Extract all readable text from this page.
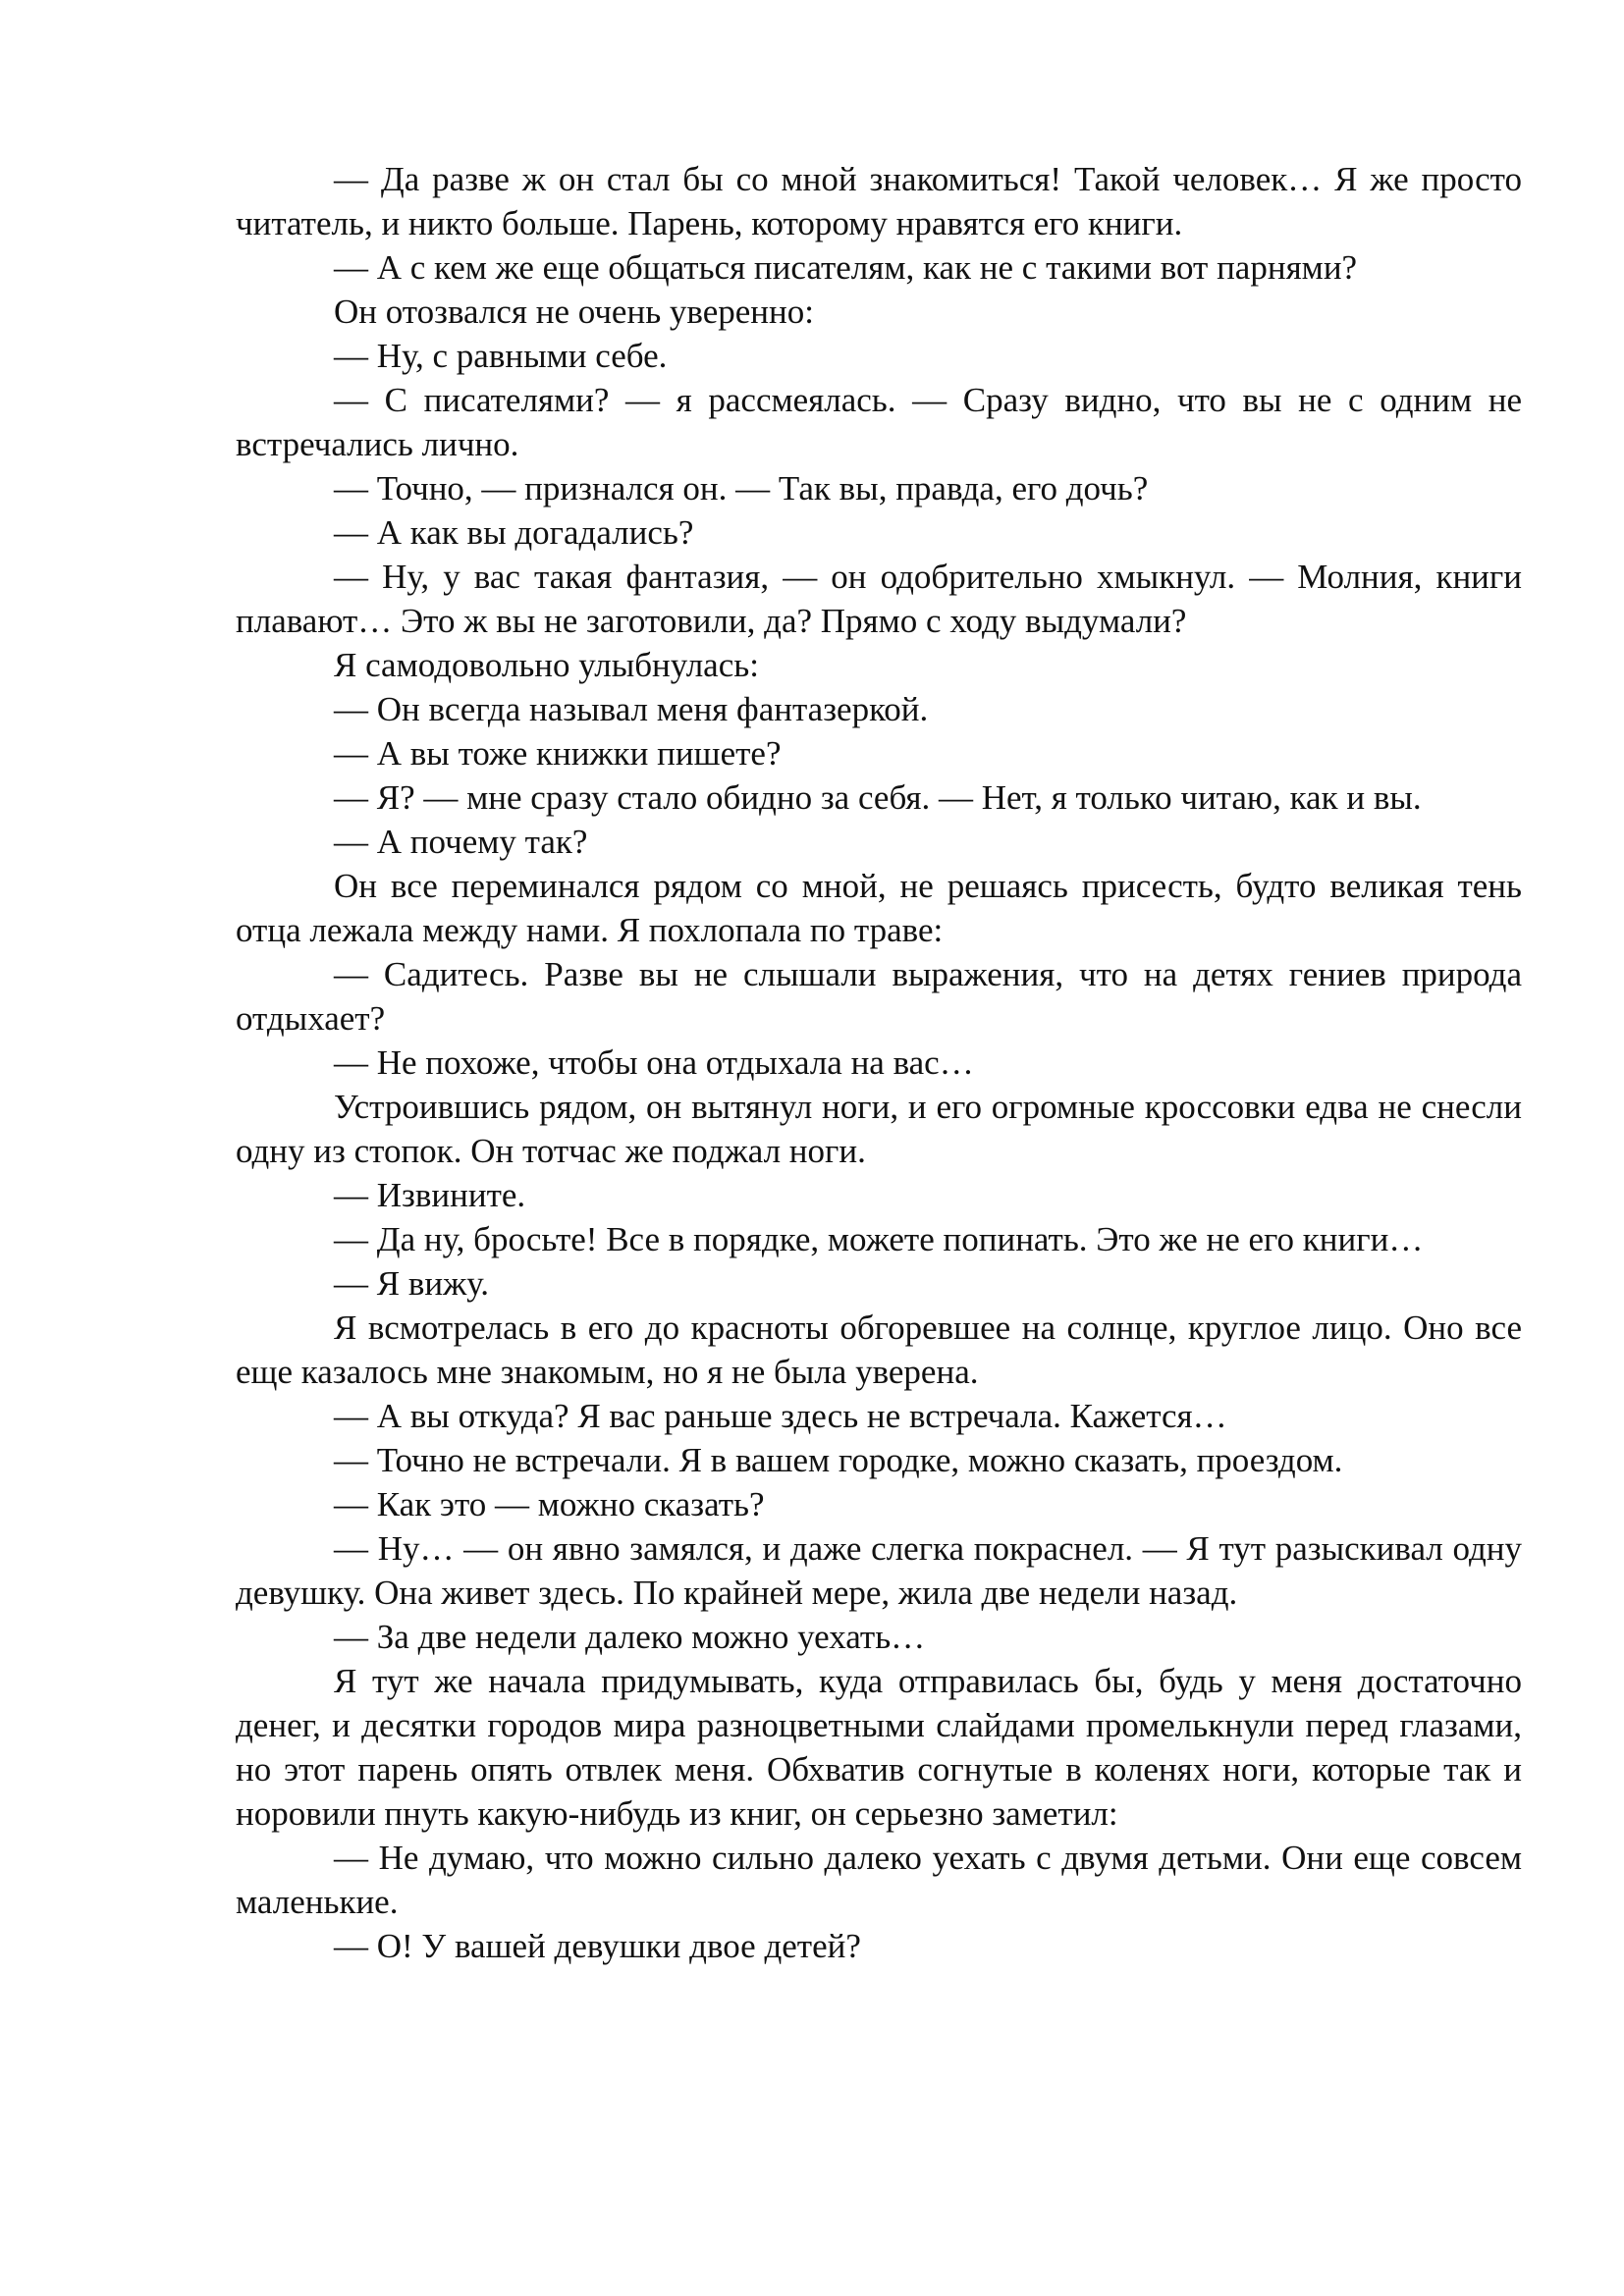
— Да разве ж он стал бы со мной знакомиться! Такой человек… Я же просто читатель, и никто больше. Парень, которому нравятся его книги.

— А с кем же еще общаться писателям, как не с такими вот парнями?

Он отозвался не очень уверенно:

— Ну, с равными себе.

— С писателями? — я рассмеялась. — Сразу видно, что вы не с одним не встречались лично.

— Точно, — признался он. — Так вы, правда, его дочь?

— А как вы догадались?

— Ну, у вас такая фантазия, — он одобрительно хмыкнул. — Молния, книги плавают… Это ж вы не заготовили, да? Прямо с ходу выдумали?

Я самодовольно улыбнулась:

— Он всегда называл меня фантазеркой.

— А вы тоже книжки пишете?

— Я? — мне сразу стало обидно за себя. — Нет, я только читаю, как и вы.

— А почему так?

Он все переминался рядом со мной, не решаясь присесть, будто великая тень отца лежала между нами. Я похлопала по траве:

— Садитесь. Разве вы не слышали выражения, что на детях гениев природа отдыхает?

— Не похоже, чтобы она отдыхала на вас…

Устроившись рядом, он вытянул ноги, и его огромные кроссовки едва не снесли одну из стопок. Он тотчас же поджал ноги.

— Извините.

— Да ну, бросьте! Все в порядке, можете попинать. Это же не его книги…

— Я вижу.

Я всмотрелась в его до красноты обгоревшее на солнце, круглое лицо. Оно все еще казалось мне знакомым, но я не была уверена.

— А вы откуда? Я вас раньше здесь не встречала. Кажется…

— Точно не встречали. Я в вашем городке, можно сказать, проездом.

— Как это — можно сказать?

— Ну… — он явно замялся, и даже слегка покраснел. — Я тут разыскивал одну девушку. Она живет здесь. По крайней мере, жила две недели назад.

— За две недели далеко можно уехать…

Я тут же начала придумывать, куда отправилась бы, будь у меня достаточно денег, и десятки городов мира разноцветными слайдами промелькнули перед глазами, но этот парень опять отвлек меня. Обхватив согнутые в коленях ноги, которые так и норовили пнуть какую-нибудь из книг, он серьезно заметил:

— Не думаю, что можно сильно далеко уехать с двумя детьми. Они еще совсем маленькие.

— О! У вашей девушки двое детей?
